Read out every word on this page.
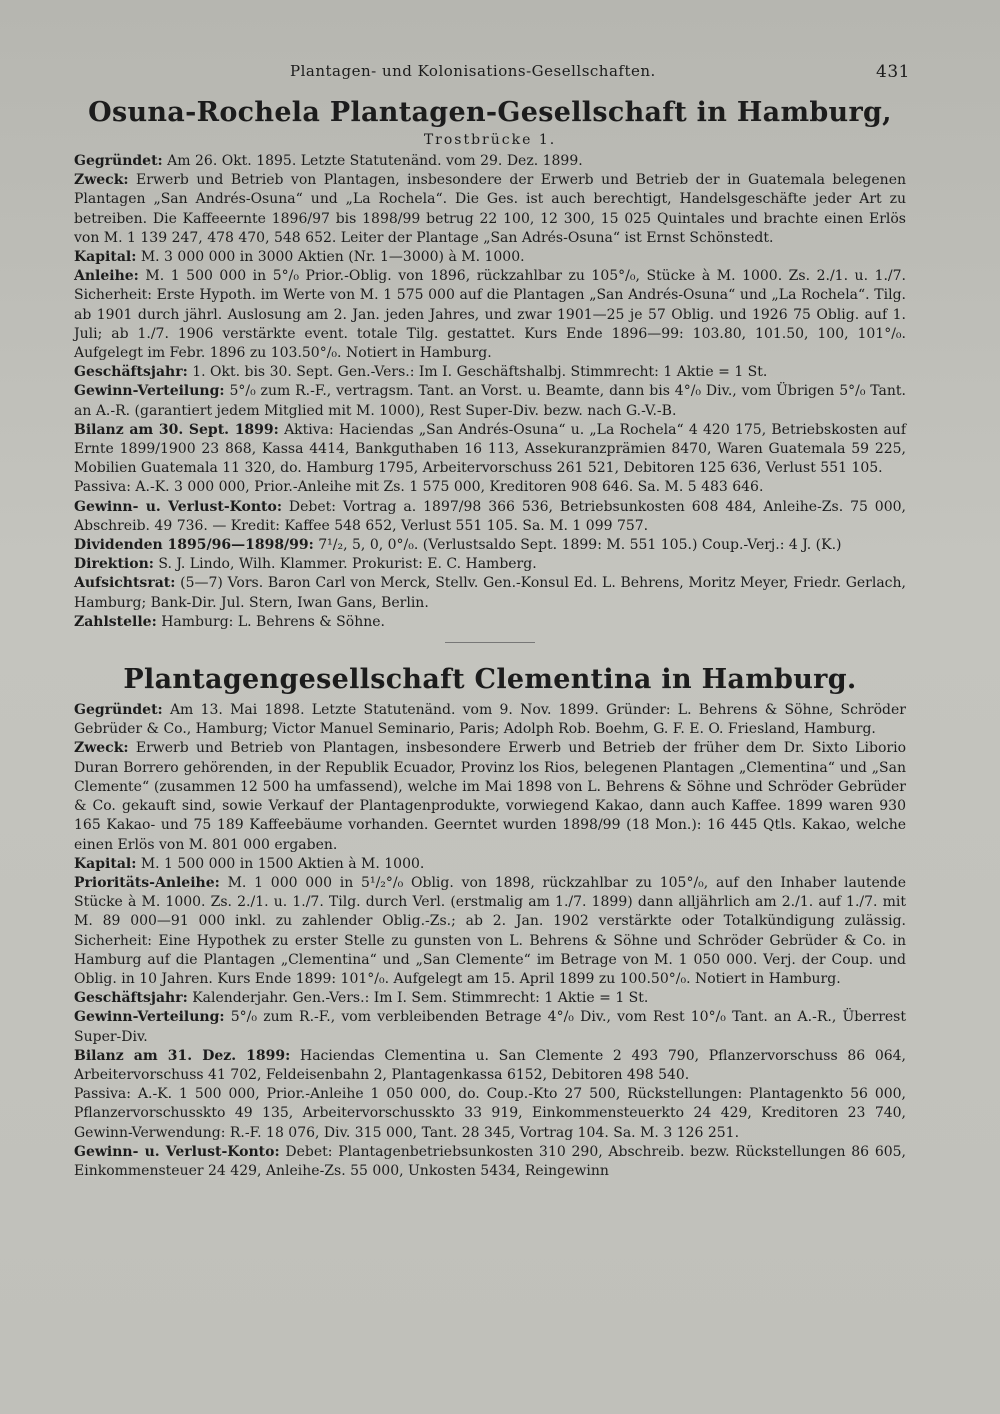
Plantagen- und Kolonisations-Gesellschaften.	431
Osuna-Rochela Plantagen-Gesellschaft in Hamburg,

Trostbrücke 1.

Gegründet: Am 26. Okt. 1895. Letzte Statutenänd. vom 29. Dez. 1899.

Zweck: Erwerb und Betrieb von Plantagen, insbesondere der Erwerb und Betrieb der in Guatemala belegenen Plantagen „San Andrés-Osuna“ und „La Rochela“. Die Ges. ist auch berechtigt, Handelsgeschäfte jeder Art zu betreiben. Die Kaffeeernte 1896/97 bis 1898/99 betrug 22 100, 12 300, 15 025 Quintales und brachte einen Erlös von M. 1 139 247, 478 470, 548 652. Leiter der Plantage „San Adrés-Osuna“ ist Ernst Schönstedt.

Kapital: M. 3 000 000 in 3000 Aktien (Nr. 1—3000) à M. 1000.

Anleihe: M. 1 500 000 in 5°/₀ Prior.-Oblig. von 1896, rückzahlbar zu 105°/₀, Stücke à M. 1000. Zs. 2./1. u. 1./7. Sicherheit: Erste Hypoth. im Werte von M. 1 575 000 auf die Plantagen „San Andrés-Osuna“ und „La Rochela“. Tilg. ab 1901 durch jährl. Auslosung am 2. Jan. jeden Jahres, und zwar 1901—25 je 57 Oblig. und 1926 75 Oblig. auf 1. Juli; ab 1./7. 1906 verstärkte event. totale Tilg. gestattet. Kurs Ende 1896—99: 103.80, 101.50, 100, 101°/₀. Aufgelegt im Febr. 1896 zu 103.50°/₀. Notiert in Hamburg.

Geschäftsjahr: 1. Okt. bis 30. Sept. Gen.-Vers.: Im I. Geschäftshalbj. Stimmrecht: 1 Aktie = 1 St.

Gewinn-Verteilung: 5°/₀ zum R.-F., vertragsm. Tant. an Vorst. u. Beamte, dann bis 4°/₀ Div., vom Übrigen 5°/₀ Tant. an A.-R. (garantiert jedem Mitglied mit M. 1000), Rest Super-Div. bezw. nach G.-V.-B.

Bilanz am 30. Sept. 1899: Aktiva: Haciendas „San Andrés-Osuna“ u. „La Rochela“ 4 420 175, Betriebskosten auf Ernte 1899/1900 23 868, Kassa 4414, Bankguthaben 16 113, Assekuranzprämien 8470, Waren Guatemala 59 225, Mobilien Guatemala 11 320, do. Hamburg 1795, Arbeitervorschuss 261 521, Debitoren 125 636, Verlust 551 105.

Passiva: A.-K. 3 000 000, Prior.-Anleihe mit Zs. 1 575 000, Kreditoren 908 646. Sa. M. 5 483 646.

Gewinn- u. Verlust-Konto: Debet: Vortrag a. 1897/98 366 536, Betriebsunkosten 608 484, Anleihe-Zs. 75 000, Abschreib. 49 736. — Kredit: Kaffee 548 652, Verlust 551 105. Sa. M. 1 099 757.

Dividenden 1895/96—1898/99: 7¹/₂, 5, 0, 0°/₀. (Verlustsaldo Sept. 1899: M. 551 105.) Coup.-Verj.: 4 J. (K.)

Direktion: S. J. Lindo, Wilh. Klammer. Prokurist: E. C. Hamberg.

Aufsichtsrat: (5—7) Vors. Baron Carl von Merck, Stellv. Gen.-Konsul Ed. L. Behrens, Moritz Meyer, Friedr. Gerlach, Hamburg; Bank-Dir. Jul. Stern, Iwan Gans, Berlin.

Zahlstelle: Hamburg: L. Behrens & Söhne.

Plantagengesellschaft Clementina in Hamburg.

Gegründet: Am 13. Mai 1898. Letzte Statutenänd. vom 9. Nov. 1899. Gründer: L. Behrens & Söhne, Schröder Gebrüder & Co., Hamburg; Victor Manuel Seminario, Paris; Adolph Rob. Boehm, G. F. E. O. Friesland, Hamburg.

Zweck: Erwerb und Betrieb von Plantagen, insbesondere Erwerb und Betrieb der früher dem Dr. Sixto Liborio Duran Borrero gehörenden, in der Republik Ecuador, Provinz los Rios, belegenen Plantagen „Clementina“ und „San Clemente“ (zusammen 12 500 ha umfassend), welche im Mai 1898 von L. Behrens & Söhne und Schröder Gebrüder & Co. gekauft sind, sowie Verkauf der Plantagenprodukte, vorwiegend Kakao, dann auch Kaffee. 1899 waren 930 165 Kakao- und 75 189 Kaffeebäume vorhanden. Geerntet wurden 1898/99 (18 Mon.): 16 445 Qtls. Kakao, welche einen Erlös von M. 801 000 ergaben.

Kapital: M. 1 500 000 in 1500 Aktien à M. 1000.

Prioritäts-Anleihe: M. 1 000 000 in 5¹/₂°/₀ Oblig. von 1898, rückzahlbar zu 105°/₀, auf den Inhaber lautende Stücke à M. 1000. Zs. 2./1. u. 1./7. Tilg. durch Verl. (erstmalig am 1./7. 1899) dann alljährlich am 2./1. auf 1./7. mit M. 89 000—91 000 inkl. zu zahlender Oblig.-Zs.; ab 2. Jan. 1902 verstärkte oder Totalkündigung zulässig. Sicherheit: Eine Hypothek zu erster Stelle zu gunsten von L. Behrens & Söhne und Schröder Gebrüder & Co. in Hamburg auf die Plantagen „Clementina“ und „San Clemente“ im Betrage von M. 1 050 000. Verj. der Coup. und Oblig. in 10 Jahren. Kurs Ende 1899: 101°/₀. Aufgelegt am 15. April 1899 zu 100.50°/₀. Notiert in Hamburg.

Geschäftsjahr: Kalenderjahr. Gen.-Vers.: Im I. Sem. Stimmrecht: 1 Aktie = 1 St.

Gewinn-Verteilung: 5°/₀ zum R.-F., vom verbleibenden Betrage 4°/₀ Div., vom Rest 10°/₀ Tant. an A.-R., Überrest Super-Div.

Bilanz am 31. Dez. 1899: Haciendas Clementina u. San Clemente 2 493 790, Pflanzervorschuss 86 064, Arbeitervorschuss 41 702, Feldeisenbahn 2, Plantagenkassa 6152, Debitoren 498 540.

Passiva: A.-K. 1 500 000, Prior.-Anleihe 1 050 000, do. Coup.-Kto 27 500, Rückstellungen: Plantagenkto 56 000, Pflanzervorschusskto 49 135, Arbeitervorschusskto 33 919, Einkommensteuerkto 24 429, Kreditoren 23 740, Gewinn-Verwendung: R.-F. 18 076, Div. 315 000, Tant. 28 345, Vortrag 104. Sa. M. 3 126 251.

Gewinn- u. Verlust-Konto: Debet: Plantagenbetriebsunkosten 310 290, Abschreib. bezw. Rückstellungen 86 605, Einkommensteuer 24 429, Anleihe-Zs. 55 000, Unkosten 5434, Reingewinn
